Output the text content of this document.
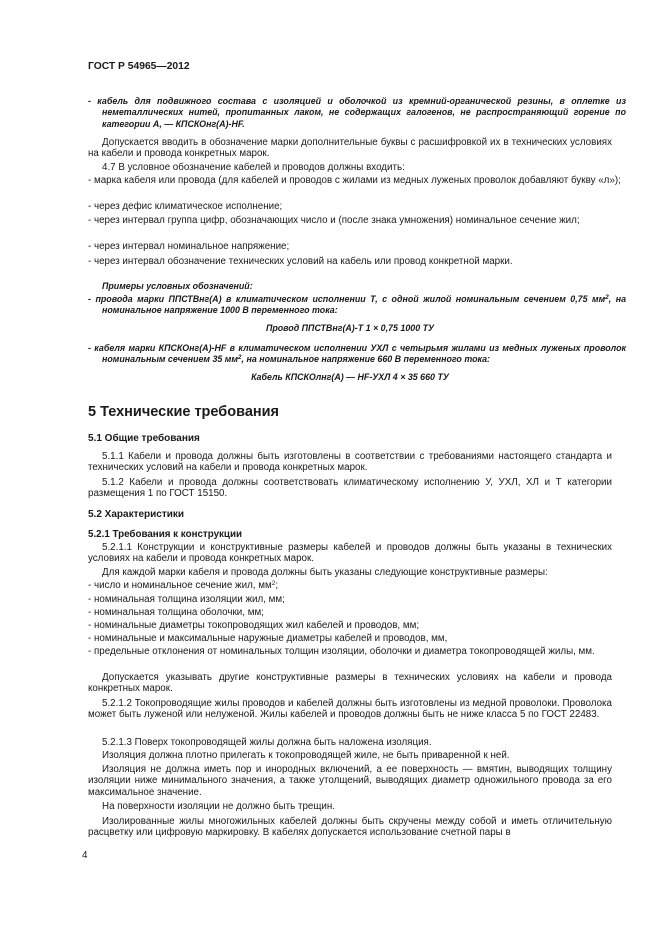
ГОСТ Р 54965—2012

- кабель для подвижного состава с изоляцией и оболочкой из кремний-органической резины, в оплетке из неметаллических нитей, пропитанных лаком, не содержащих галогенов, не распространяющий горение по категории А, — КПСКОнг(А)-HF.

Допускается вводить в обозначение марки дополнительные буквы с расшифровкой их в технических условиях на кабели и провода конкретных марок.

4.7 В условное обозначение кабелей и проводов должны входить:

- марка кабеля или провода (для кабелей и проводов с жилами из медных луженых проволок добавляют букву «л»);

- через дефис климатическое исполнение;

- через интервал группа цифр, обозначающих число и (после знака умножения) номинальное сечение жил;

- через интервал номинальное напряжение;

- через интервал обозначение технических условий на кабель или провод конкретной марки.

Примеры условных обозначений:

- провода марки ППСТВнг(А) в климатическом исполнении Т, с одной жилой номинальным сечением 0,75 $мм^2$, на номинальное напряжение 1000 В переменного тока:

Провод ППСТВнг(А)-Т 1 × 0,75 1000 ТУ

- кабеля марки КПСКОнг(А)-HF в климатическом исполнении УХЛ с четырьмя жилами из медных луженых проволок номинальным сечением 35 $мм^2$, на номинальное напряжение 660 В переменного тока:

Кабель КПСКОлнг(А) — HF-УХЛ 4 × 35 660 ТУ

5 Технические требования
5.1 Общие требования

5.1.1 Кабели и провода должны быть изготовлены в соответствии с требованиями настоящего стандарта и технических условий на кабели и провода конкретных марок.

5.1.2 Кабели и провода должны соответствовать климатическому исполнению У, УХЛ, ХЛ и Т категории размещения 1 по ГОСТ 15150.

5.2 Характеристики
5.2.1 Требования к конструкции

5.2.1.1 Конструкции и конструктивные размеры кабелей и проводов должны быть указаны в технических условиях на кабели и провода конкретных марок.

Для каждой марки кабеля и провода должны быть указаны следующие конструктивные размеры:

- число и номинальное сечение жил, $мм^2$;

- номинальная толщина изоляции жил, мм;

- номинальная толщина оболочки, мм;

- номинальные диаметры токопроводящих жил кабелей и проводов, мм;

- номинальные и максимальные наружные диаметры кабелей и проводов, мм,

- предельные отклонения от номинальных толщин изоляции, оболочки и диаметра токопроводящей жилы, мм.

Допускается указывать другие конструктивные размеры в технических условиях на кабели и провода конкретных марок.

5.2.1.2 Токопроводящие жилы проводов и кабелей должны быть изготовлены из медной проволоки. Проволока может быть луженой или нелуженой. Жилы кабелей и проводов должны быть не ниже класса 5 по ГОСТ 22483.

5.2.1.3 Поверх токопроводящей жилы должна быть наложена изоляция.

Изоляция должна плотно прилегать к токопроводящей жиле, не быть приваренной к ней.

Изоляция не должна иметь пор и инородных включений, а ее поверхность — вмятин, выводящих толщину изоляции ниже минимального значения, а также утолщений, выводящих диаметр одножильного провода за его максимальное значение.

На поверхности изоляции не должно быть трещин.

Изолированные жилы многожильных кабелей должны быть скручены между собой и иметь отличительную расцветку или цифровую маркировку. В кабелях допускается использование счетной пары в

4
